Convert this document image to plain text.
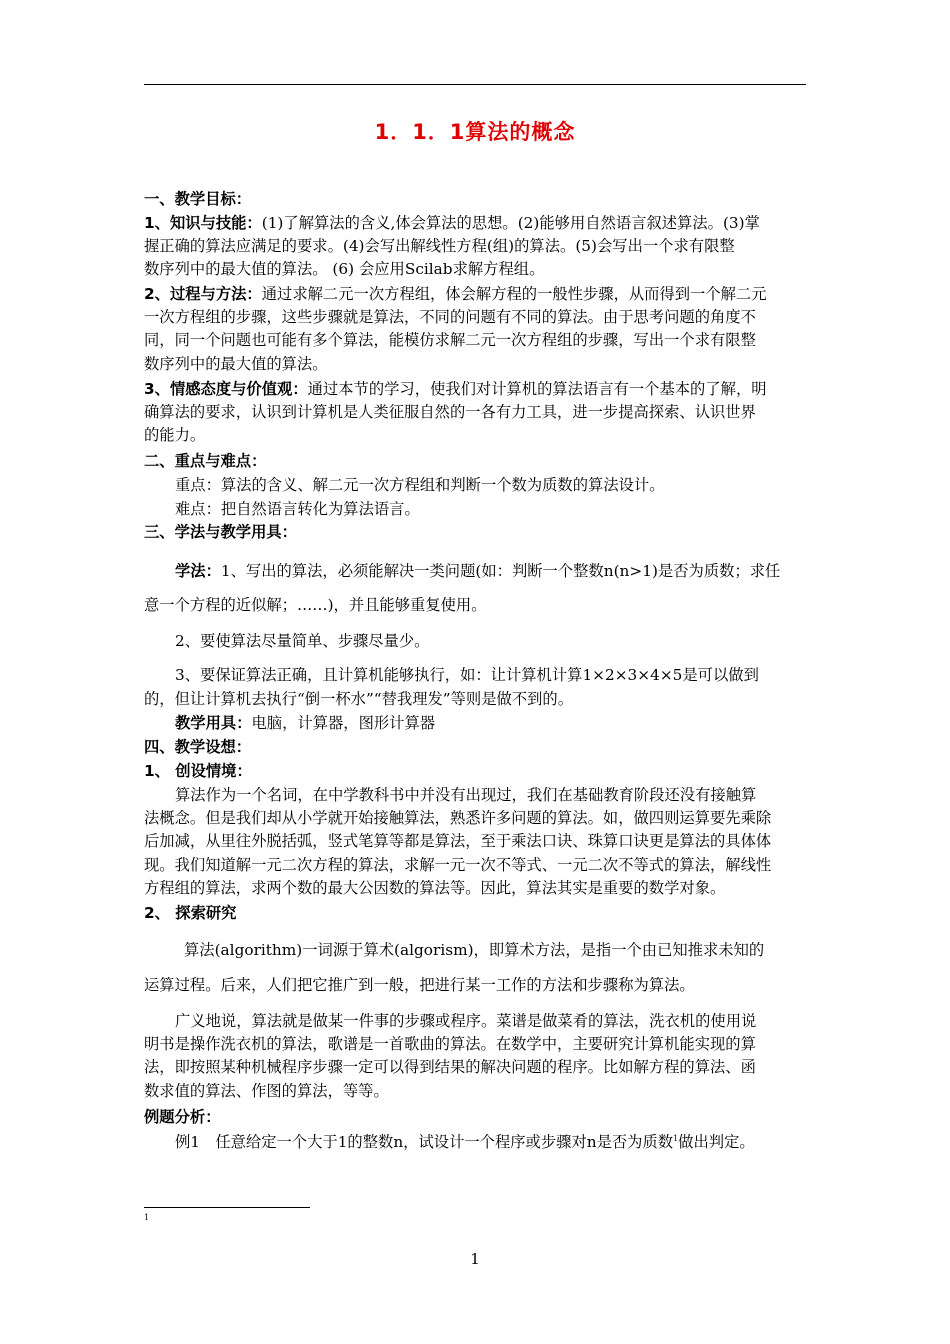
1．1．1算法的概念
一、教学目标：
1、知识与技能：(1)了解算法的含义,体会算法的思想。(2)能够用自然语言叙述算法。(3)掌
握正确的算法应满足的要求。(4)会写出解线性方程(组)的算法。(5)会写出一个求有限整
数序列中的最大值的算法。 (6) 会应用Scilab求解方程组。
2、过程与方法：通过求解二元一次方程组，体会解方程的一般性步骤，从而得到一个解二元
一次方程组的步骤，这些步骤就是算法，不同的问题有不同的算法。由于思考问题的角度不
同，同一个问题也可能有多个算法，能模仿求解二元一次方程组的步骤，写出一个求有限整
数序列中的最大值的算法。
3、情感态度与价值观：通过本节的学习，使我们对计算机的算法语言有一个基本的了解，明
确算法的要求，认识到计算机是人类征服自然的一各有力工具，进一步提高探索、认识世界
的能力。
二、重点与难点：
重点：算法的含义、解二元一次方程组和判断一个数为质数的算法设计。
难点：把自然语言转化为算法语言。
三、学法与教学用具：
学法：1、写出的算法，必须能解决一类问题(如：判断一个整数n(n>1)是否为质数；求任
意一个方程的近似解；……)，并且能够重复使用。
2、要使算法尽量简单、步骤尽量少。
3、要保证算法正确，且计算机能够执行，如：让计算机计算1×2×3×4×5是可以做到
的，但让计算机去执行“倒一杯水”“替我理发”等则是做不到的。
教学用具：电脑，计算器，图形计算器
四、教学设想：
1、 创设情境：
算法作为一个名词，在中学教科书中并没有出现过，我们在基础教育阶段还没有接触算
法概念。但是我们却从小学就开始接触算法，熟悉许多问题的算法。如，做四则运算要先乘除
后加减，从里往外脱括弧，竖式笔算等都是算法，至于乘法口诀、珠算口诀更是算法的具体体
现。我们知道解一元二次方程的算法，求解一元一次不等式、一元二次不等式的算法，解线性
方程组的算法，求两个数的最大公因数的算法等。因此，算法其实是重要的数学对象。
2、 探索研究
算法(algorithm)一词源于算术(algorism)，即算术方法，是指一个由已知推求未知的
运算过程。后来，人们把它推广到一般，把进行某一工作的方法和步骤称为算法。
广义地说，算法就是做某一件事的步骤或程序。菜谱是做菜肴的算法，洗衣机的使用说
明书是操作洗衣机的算法，歌谱是一首歌曲的算法。在数学中，主要研究计算机能实现的算
法，即按照某种机械程序步骤一定可以得到结果的解决问题的程序。比如解方程的算法、函
数求值的算法、作图的算法，等等。
例题分析：
例1　任意给定一个大于1的整数n，试设计一个程序或步骤对n是否为质数$^1$做出判定。
1
1
